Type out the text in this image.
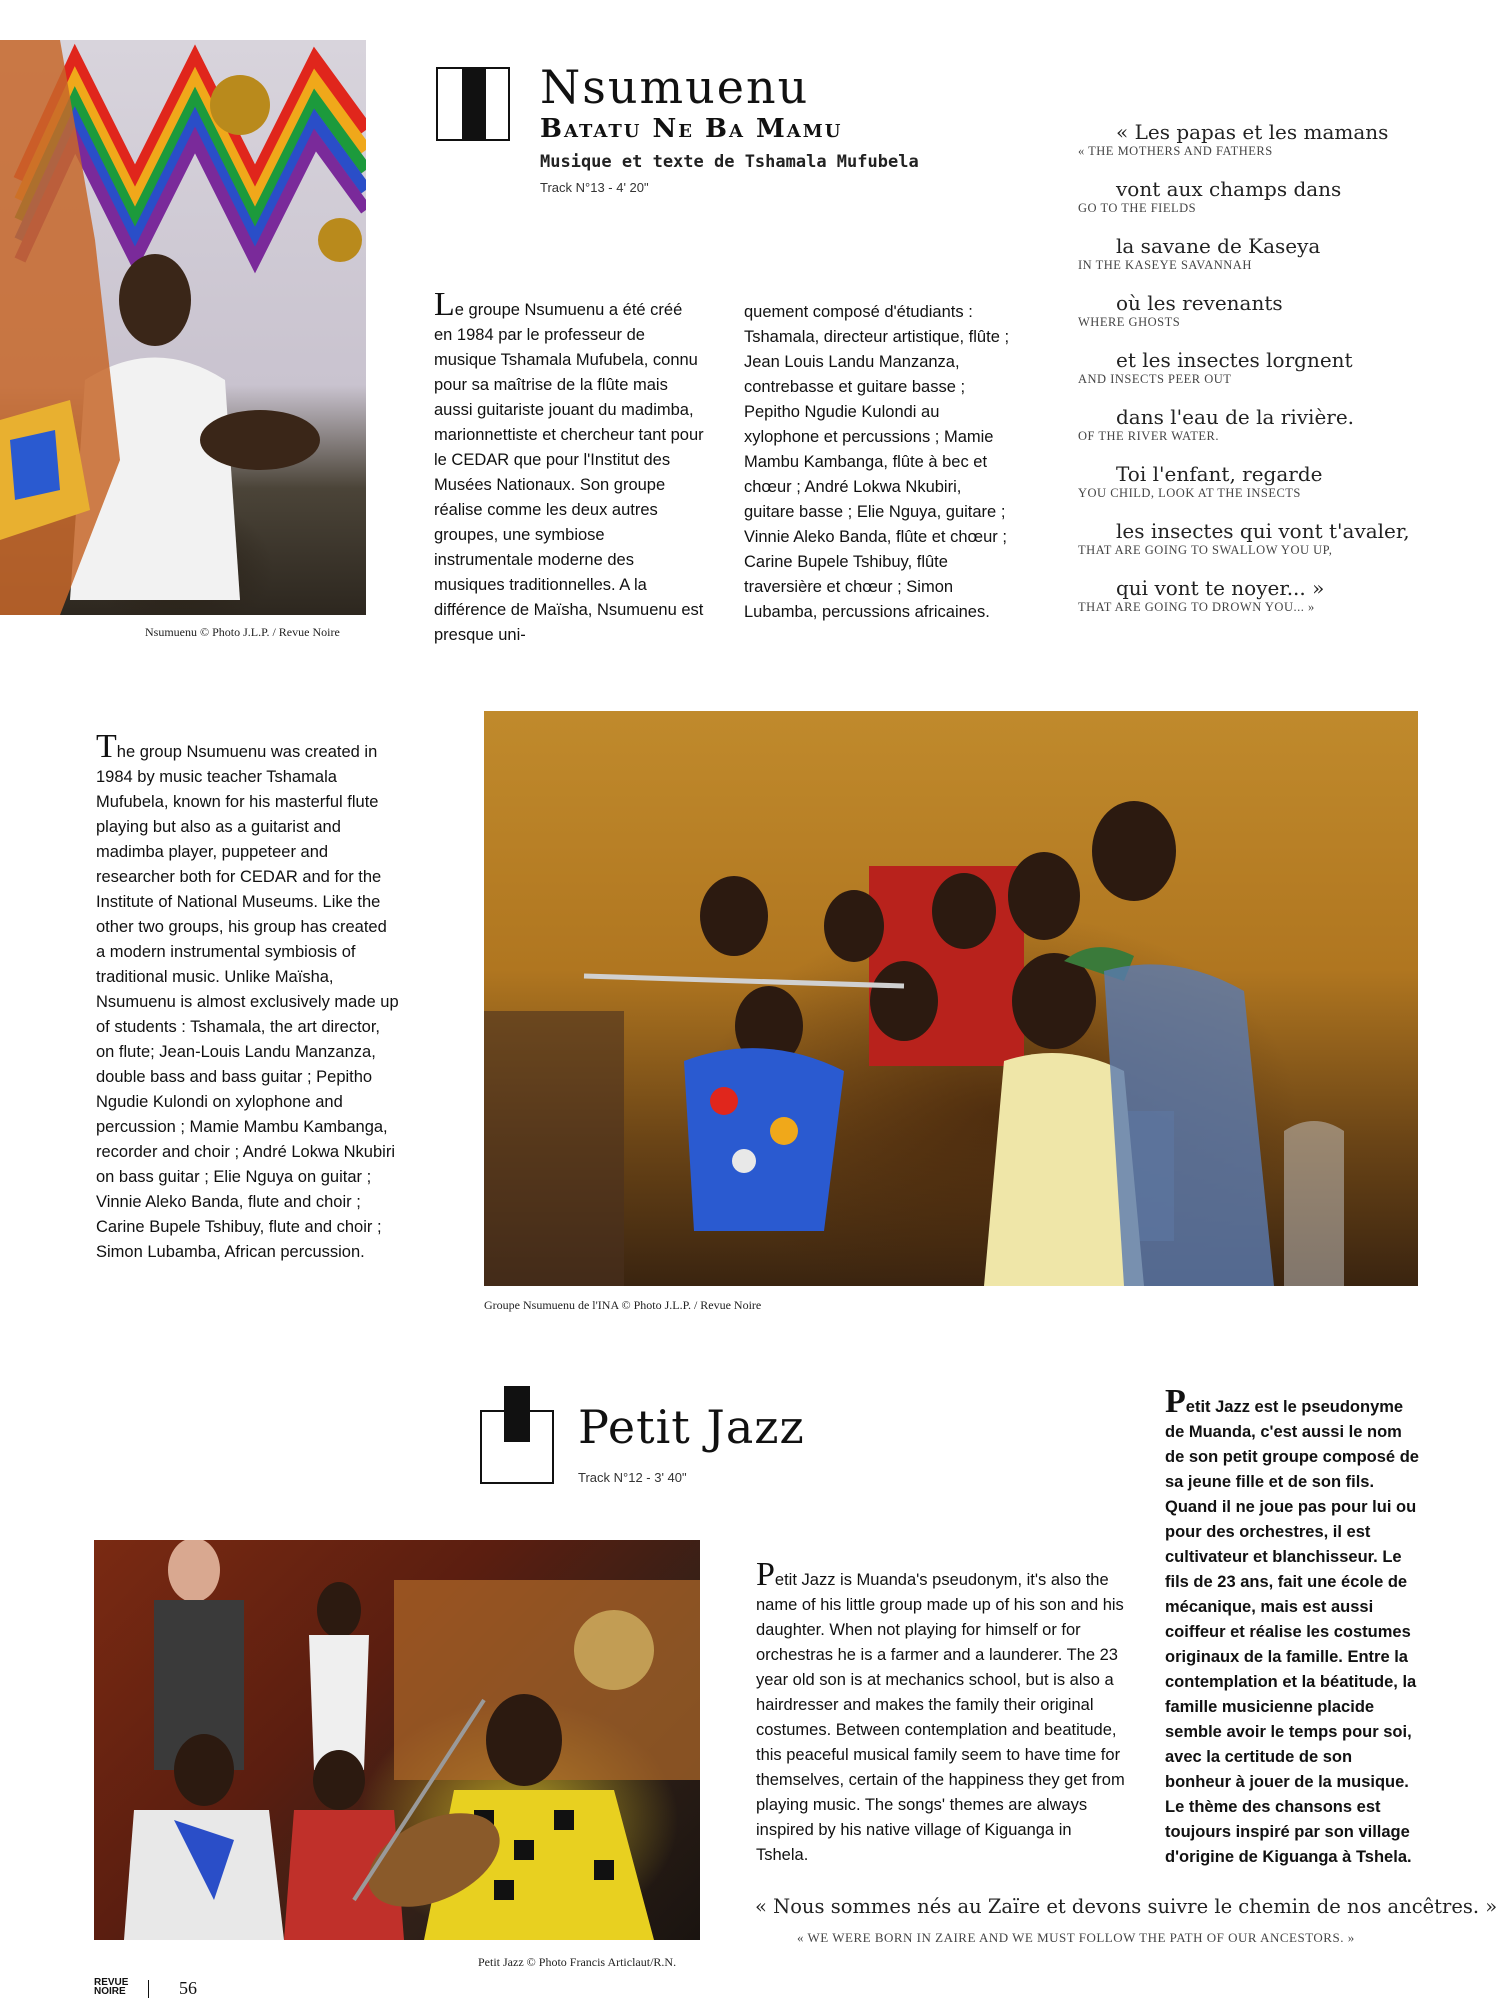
Nsumuenu © Photo J.L.P. / Revue Noire
Nsumuenu
Batatu Ne Ba Mamu
Musique et texte de Tshamala Mufubela
Track N°13 - 4' 20"

Le groupe Nsumuenu a été créé en 1984 par le professeur de musique Tshamala Mufubela, connu pour sa maîtrise de la flûte mais aussi guitariste jouant du madimba, marionnettiste et chercheur tant pour le CEDAR que pour l'Institut des Musées Nationaux. Son groupe réalise comme les deux autres groupes, une symbiose instrumentale moderne des musiques traditionnelles. A la différence de Maïsha, Nsumuenu est presque uni-

quement composé d'étudiants : Tshamala, directeur artistique, flûte ; Jean Louis Landu Manzanza, contrebasse et guitare basse ; Pepitho Ngudie Kulondi au xylophone et percussions ; Mamie Mambu Kambanga, flûte à bec et chœur ; André Lokwa Nkubiri, guitare basse ; Elie Nguya, guitare ; Vinnie Aleko Banda, flûte et chœur ; Carine Bupele Tshibuy, flûte traversière et chœur ; Simon Lubamba, percussions africaines.

« Les papas et les mamans
« THE MOTHERS AND FATHERS
vont aux champs dans
GO TO THE FIELDS
la savane de Kaseya
IN THE KASEYE SAVANNAH
où les revenants
WHERE GHOSTS
et les insectes lorgnent
AND INSECTS PEER OUT
dans l'eau de la rivière.
OF THE RIVER WATER.
Toi l'enfant, regarde
YOU CHILD, LOOK AT THE INSECTS
les insectes qui vont t'avaler,
THAT ARE GOING TO SWALLOW YOU UP,
qui vont te noyer... »
THAT ARE GOING TO DROWN YOU... »

The group Nsumuenu was created in 1984 by music teacher Tshamala Mufubela, known for his masterful flute playing but also as a guitarist and madimba player, puppeteer and researcher both for CEDAR and for the Institute of National Museums. Like the other two groups, his group has created a modern instrumental symbiosis of traditional music. Unlike Maïsha, Nsumuenu is almost exclusively made up of students : Tshamala, the art director, on flute; Jean-Louis Landu Manzanza, double bass and bass guitar ; Pepitho Ngudie Kulondi on xylophone and percussion ; Mamie Mambu Kambanga, recorder and choir ; André Lokwa Nkubiri on bass guitar ; Elie Nguya on guitar ; Vinnie Aleko Banda, flute and choir ; Carine Bupele Tshibuy, flute and choir ; Simon Lubamba, African percussion.

Groupe Nsumuenu de l'INA © Photo J.L.P. / Revue Noire
Petit Jazz
Track N°12 - 3' 40"

Petit Jazz est le pseudonyme de Muanda, c'est aussi le nom de son petit groupe composé de sa jeune fille et de son fils. Quand il ne joue pas pour lui ou pour des orchestres, il est cultivateur et blanchisseur. Le fils de 23 ans, fait une école de mécanique, mais est aussi coiffeur et réalise les costumes originaux de la famille. Entre la contemplation et la béatitude, la famille musicienne placide semble avoir le temps pour soi, avec la certitude de son bonheur à jouer de la musique. Le thème des chansons est toujours inspiré par son village d'origine de Kiguanga à Tshela.

Petit Jazz © Photo Francis Articlaut/R.N.

Petit Jazz is Muanda's pseudonym, it's also the name of his little group made up of his son and his daughter. When not playing for himself or for orchestras he is a farmer and a launderer. The 23 year old son is at mechanics school, but is also a hairdresser and makes the family their original costumes. Between contemplation and beatitude, this peaceful musical family seem to have time for themselves, certain of the happiness they get from playing music. The songs' themes are always inspired by his native village of Kiguanga in Tshela.

« Nous sommes nés au Zaïre et devons suivre le chemin de nos ancêtres. »
« WE WERE BORN IN ZAIRE AND WE MUST FOLLOW THE PATH OF OUR ANCESTORS. »
REVUE
NOIRE	56
